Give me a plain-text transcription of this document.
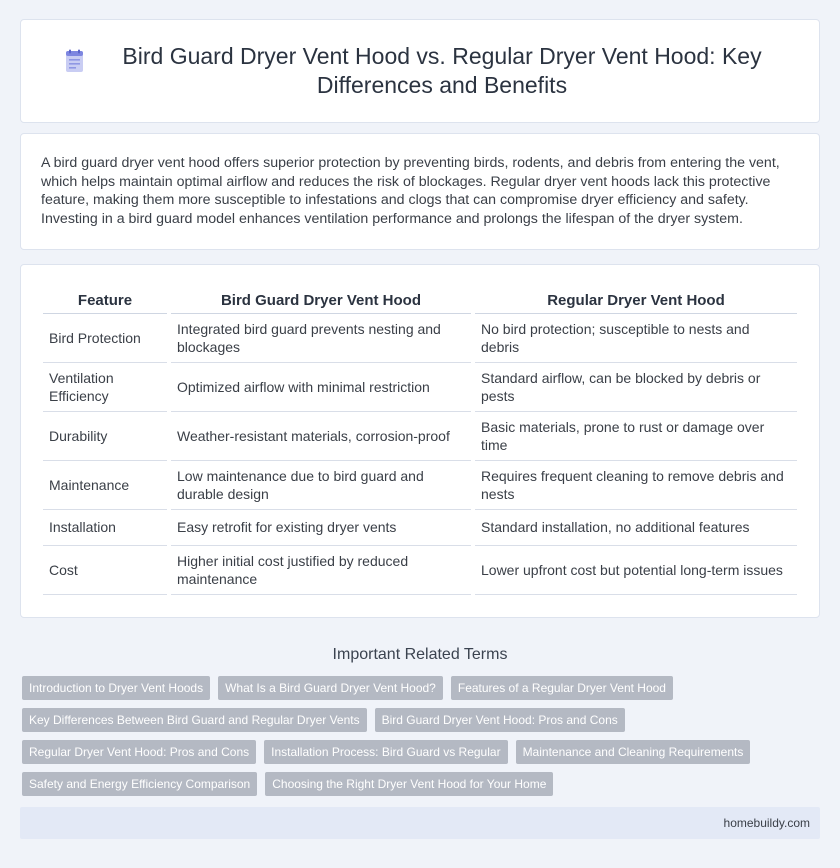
Bird Guard Dryer Vent Hood vs. Regular Dryer Vent Hood: Key Differences and Benefits

A bird guard dryer vent hood offers superior protection by preventing birds, rodents, and debris from entering the vent, which helps maintain optimal airflow and reduces the risk of blockages. Regular dryer vent hoods lack this protective feature, making them more susceptible to infestations and clogs that can compromise dryer efficiency and safety. Investing in a bird guard model enhances ventilation performance and prolongs the lifespan of the dryer system.

Feature		Bird Guard Dryer Vent Hood		Regular Dryer Vent Hood
Bird Protection		Integrated bird guard prevents nesting and blockages		No bird protection; susceptible to nests and debris
Ventilation Efficiency		Optimized airflow with minimal restriction		Standard airflow, can be blocked by debris or pests
Durability		Weather-resistant materials, corrosion-proof		Basic materials, prone to rust or damage over time
Maintenance		Low maintenance due to bird guard and durable design		Requires frequent cleaning to remove debris and nests
Installation		Easy retrofit for existing dryer vents		Standard installation, no additional features
Cost		Higher initial cost justified by reduced maintenance		Lower upfront cost but potential long-term issues
Important Related Terms
Introduction to Dryer Vent Hoods	What Is a Bird Guard Dryer Vent Hood?	Features of a Regular Dryer Vent Hood
Key Differences Between Bird Guard and Regular Dryer Vents	Bird Guard Dryer Vent Hood: Pros and Cons
Regular Dryer Vent Hood: Pros and Cons	Installation Process: Bird Guard vs Regular	Maintenance and Cleaning Requirements
Safety and Energy Efficiency Comparison	Choosing the Right Dryer Vent Hood for Your Home
homebuildy.com
